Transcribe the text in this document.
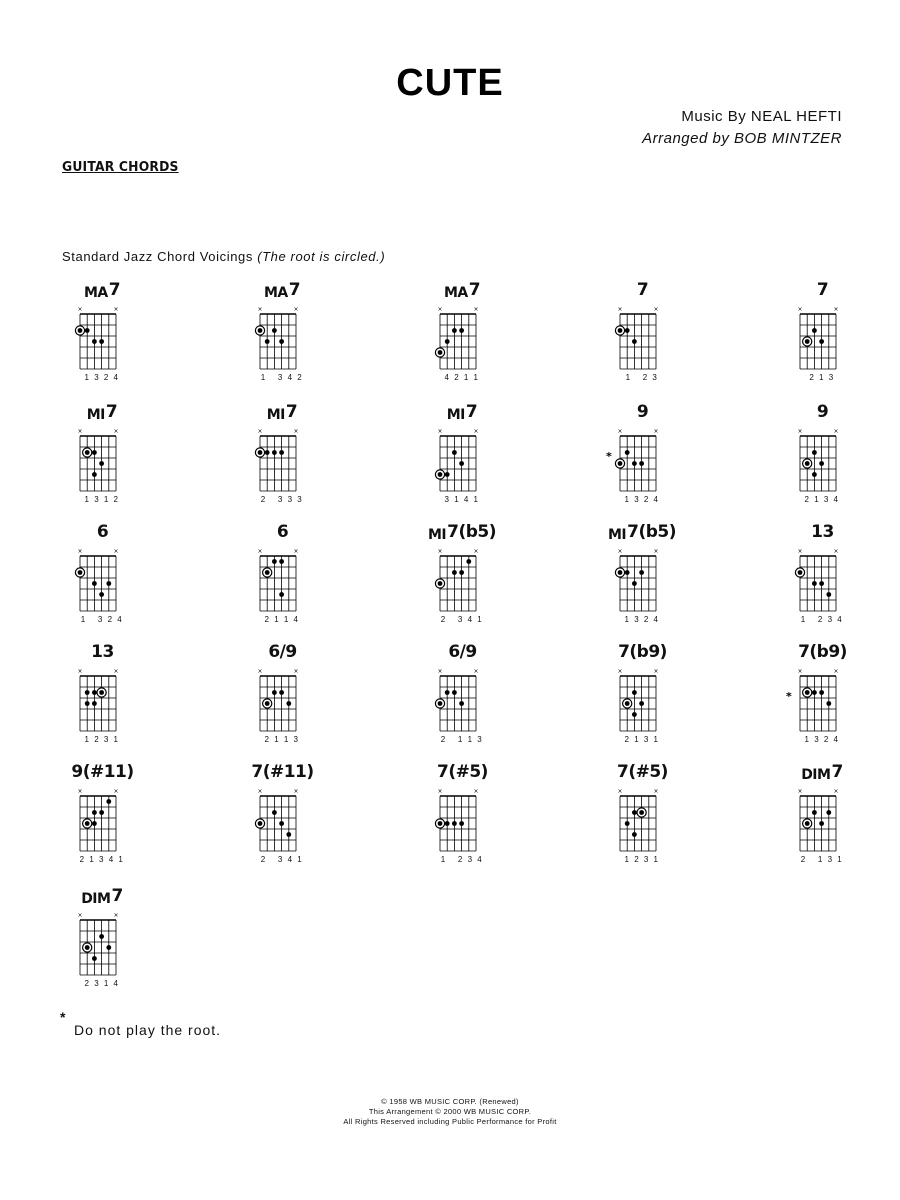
CUTE
Music By NEAL HEFTI
Arranged by BOB MINTZER
GUITAR CHORDS
Standard Jazz Chord Voicings (The root is circled.)
MA7
×	×
1 3 2 4
MA7
×	×
1   3 4 2
MA7
×	×
4 2 1 1
7
×	×
1   2 3
7
×	×
2 1 3
MI7
×	×
1 3 1 2
MI7
×	×
2   3 3 3
MI7
×	×
3 1 4 1
9
×	×
*
1 3 2 4
9
×	×
2 1 3 4
6
×	×
1   3 2 4
6
×	×
2 1 1 4
MI7(b5)
×	×
2   3 4 1
MI7(b5)
×	×
1 3 2 4
13
×	×
1   2 3 4
13
×	×
1 2 3 1
6/9
×	×
2 1 1 3
6/9
×	×
2   1 1 3
7(b9)
×	×
2 1 3 1
7(b9)
×	×
*
1 3 2 4
9(#11)
×	×
2 1 3 4 1
7(#11)
×	×
2   3 4 1
7(#5)
×	×
1   2 3 4
7(#5)
×	×
1 2 3 1
DIM7
×	×
2   1 3 1
DIM7
×	×
2 3 1 4
*
Do not play the root.
© 1958 WB MUSIC CORP. (Renewed)
This Arrangement © 2000 WB MUSIC CORP.
All Rights Reserved including Public Performance for Profit
